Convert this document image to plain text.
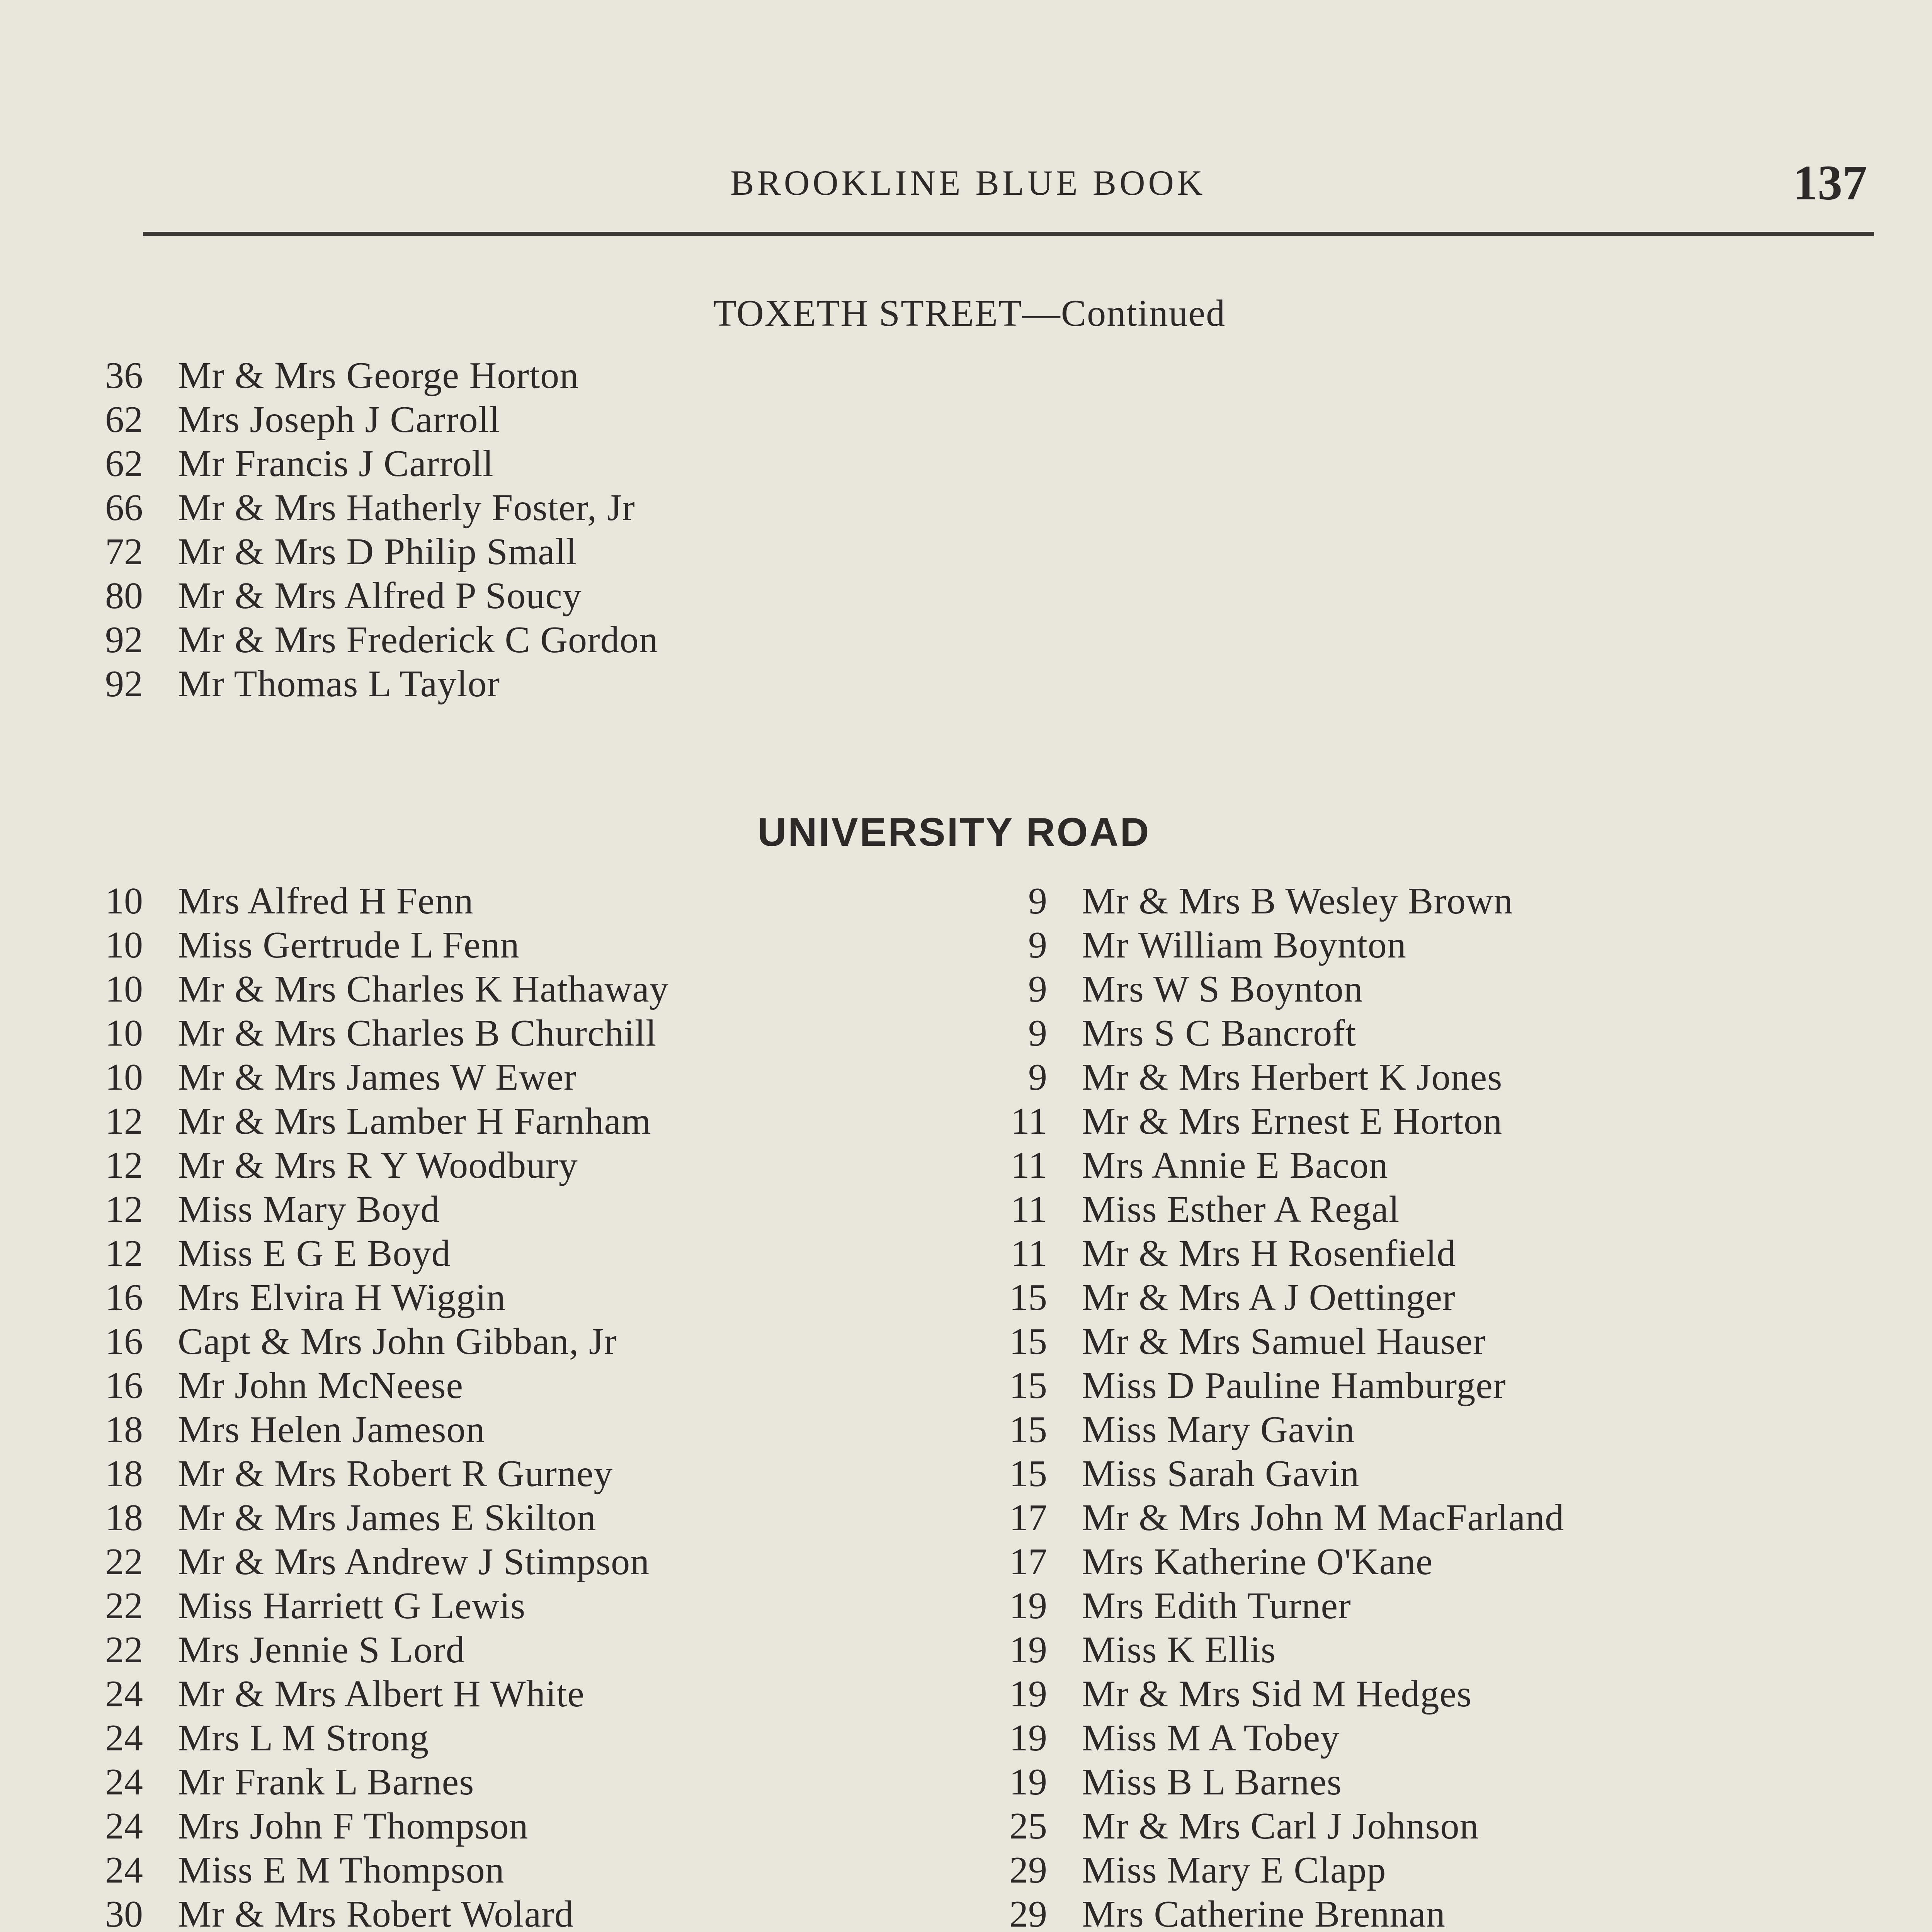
BROOKLINE BLUE BOOK	137
TOXETH STREET—Continued
36 Mr & Mrs George Horton
62 Mrs Joseph J Carroll
62 Mr Francis J Carroll
66 Mr & Mrs Hatherly Foster, Jr
72 Mr & Mrs D Philip Small
80 Mr & Mrs Alfred P Soucy
92 Mr & Mrs Frederick C Gordon
92 Mr Thomas L Taylor
UNIVERSITY ROAD
10 Mrs Alfred H Fenn
10 Miss Gertrude L Fenn
10 Mr & Mrs Charles K Hathaway
10 Mr & Mrs Charles B Churchill
10 Mr & Mrs James W Ewer
12 Mr & Mrs Lamber H Farnham
12 Mr & Mrs R Y Woodbury
12 Miss Mary Boyd
12 Miss E G E Boyd
16 Mrs Elvira H Wiggin
16 Capt & Mrs John Gibban, Jr
16 Mr John McNeese
18 Mrs Helen Jameson
18 Mr & Mrs Robert R Gurney
18 Mr & Mrs James E Skilton
22 Mr & Mrs Andrew J Stimpson
22 Miss Harriett G Lewis
22 Mrs Jennie S Lord
24 Mr & Mrs Albert H White
24 Mrs L M Strong
24 Mr Frank L Barnes
24 Mrs John F Thompson
24 Miss E M Thompson
30 Mr & Mrs Robert Wolard
9 Mr & Mrs B Wesley Brown
9 Mr William Boynton
9 Mrs W S Boynton
9 Mrs S C Bancroft
9 Mr & Mrs Herbert K Jones
11 Mr & Mrs Ernest E Horton
11 Mrs Annie E Bacon
11 Miss Esther A Regal
11 Mr & Mrs H Rosenfield
15 Mr & Mrs A J Oettinger
15 Mr & Mrs Samuel Hauser
15 Miss D Pauline Hamburger
15 Miss Mary Gavin
15 Miss Sarah Gavin
17 Mr & Mrs John M MacFarland
17 Mrs Katherine O'Kane
19 Mrs Edith Turner
19 Miss K Ellis
19 Mr & Mrs Sid M Hedges
19 Miss M A Tobey
19 Miss B L Barnes
25 Mr & Mrs Carl J Johnson
29 Miss Mary E Clapp
29 Mrs Catherine Brennan
